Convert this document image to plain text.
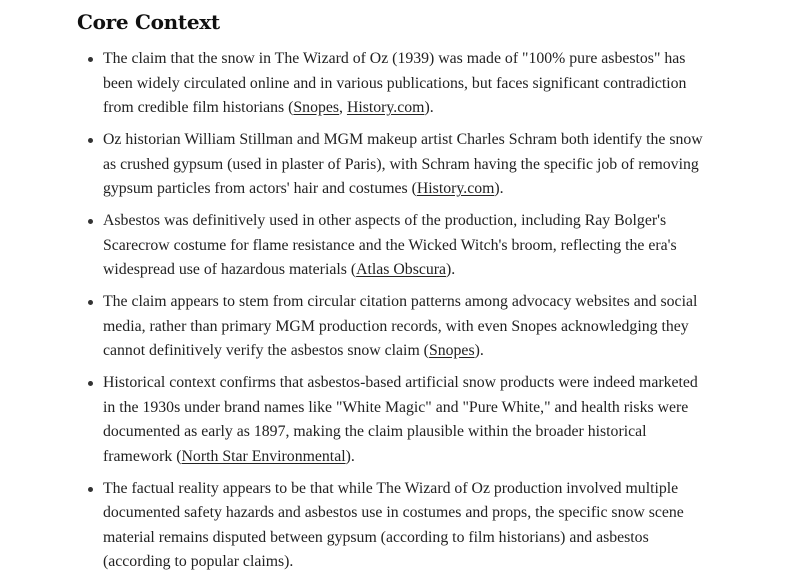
Core Context
The claim that the snow in The Wizard of Oz (1939) was made of "100% pure asbestos" has been widely circulated online and in various publications, but faces significant contradiction from credible film historians (Snopes, History.com).
Oz historian William Stillman and MGM makeup artist Charles Schram both identify the snow as crushed gypsum (used in plaster of Paris), with Schram having the specific job of removing gypsum particles from actors' hair and costumes (History.com).
Asbestos was definitively used in other aspects of the production, including Ray Bolger's Scarecrow costume for flame resistance and the Wicked Witch's broom, reflecting the era's widespread use of hazardous materials (Atlas Obscura).
The claim appears to stem from circular citation patterns among advocacy websites and social media, rather than primary MGM production records, with even Snopes acknowledging they cannot definitively verify the asbestos snow claim (Snopes).
Historical context confirms that asbestos-based artificial snow products were indeed marketed in the 1930s under brand names like "White Magic" and "Pure White," and health risks were documented as early as 1897, making the claim plausible within the broader historical framework (North Star Environmental).
The factual reality appears to be that while The Wizard of Oz production involved multiple documented safety hazards and asbestos use in costumes and props, the specific snow scene material remains disputed between gypsum (according to film historians) and asbestos (according to popular claims).
